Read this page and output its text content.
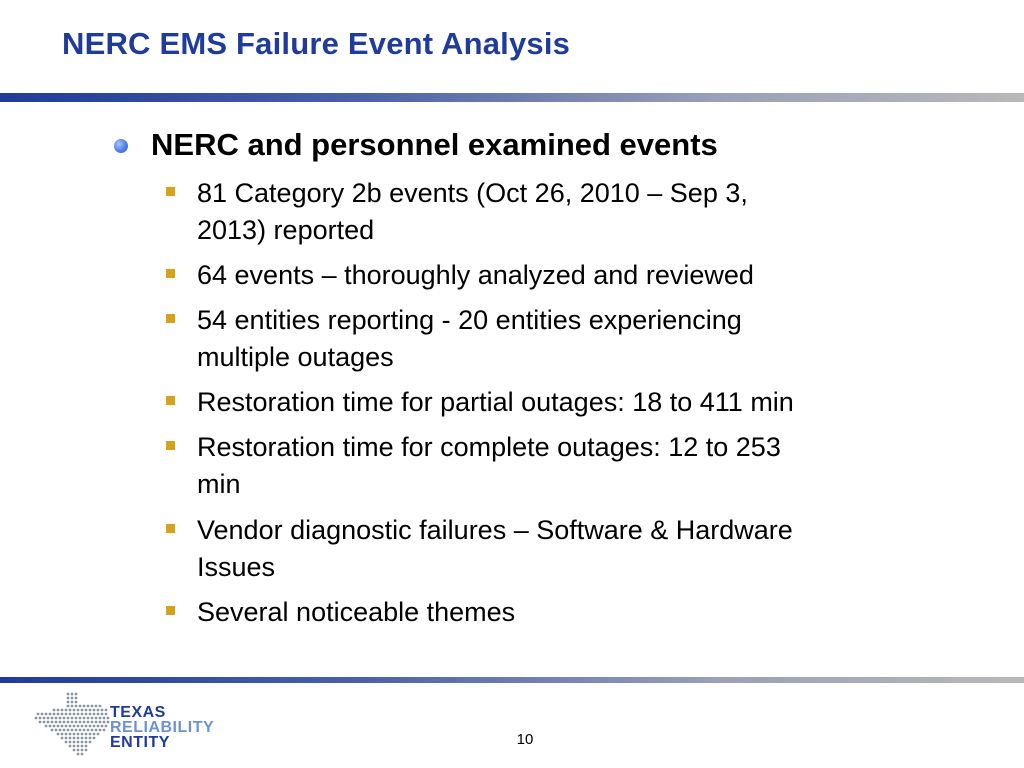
NERC EMS Failure Event Analysis
NERC and personnel examined events
81 Category 2b events (Oct 26, 2010 – Sep 3,
2013) reported
64 events – thoroughly analyzed and reviewed
54 entities reporting - 20 entities experiencing
multiple outages
Restoration time for partial outages: 18 to 411 min
Restoration time for complete outages: 12 to 253
min
Vendor diagnostic failures – Software & Hardware
Issues
Several noticeable themes
TEXAS
RELIABILITY
ENTITY	10
